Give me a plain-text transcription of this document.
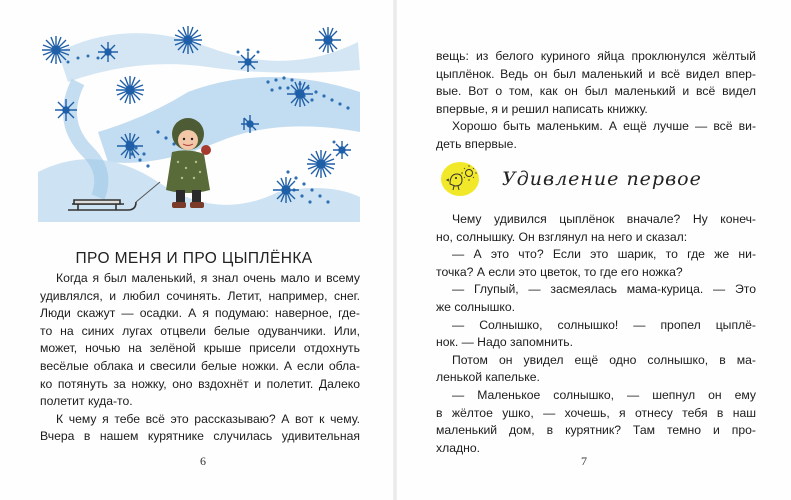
ПРО МЕНЯ И ПРО ЦЫПЛЁНКА
Когда я был маленький, я знал очень мало и всему
удивлялся, и любил сочинять. Летит, например, снег.
Люди скажут — осадки. А я подумаю: наверное, где-
то на синих лугах отцвели белые одуванчики. Или,
может, ночью на зелёной крыше присели отдохнуть
весёлые облака и свесили белые ножки. А если обла-
ко потянуть за ножку, оно вздохнёт и полетит. Далеко
полетит куда-то.
К чему я тебе всё это рассказываю? А вот к чему.
Вчера в нашем курятнике случилась удивительная
6
вещь: из белого куриного яйца проклюнулся жёлтый
цыплёнок. Ведь он был маленький и всё видел впер-
вые. Вот о том, как он был маленький и всё видел
впервые, я и решил написать книжку.
Хорошо быть маленьким. А ещё лучше — всё ви-
деть впервые.
Удивление первое
Чему удивился цыплёнок вначале? Ну конеч-
но, солнышку. Он взглянул на него и сказал:
— А это что? Если это шарик, то где же ни-
точка? А если это цветок, то где его ножка?
— Глупый, — засмеялась мама-курица. — Это
же солнышко.
— Солнышко, солнышко! — пропел цыплё-
нок. — Надо запомнить.
Потом он увидел ещё одно солнышко, в ма-
ленькой капельке.
— Маленькое солнышко, — шепнул он ему
в жёлтое ушко, — хочешь, я отнесу тебя в наш
маленький дом, в курятник? Там темно и про-
хладно.
7
